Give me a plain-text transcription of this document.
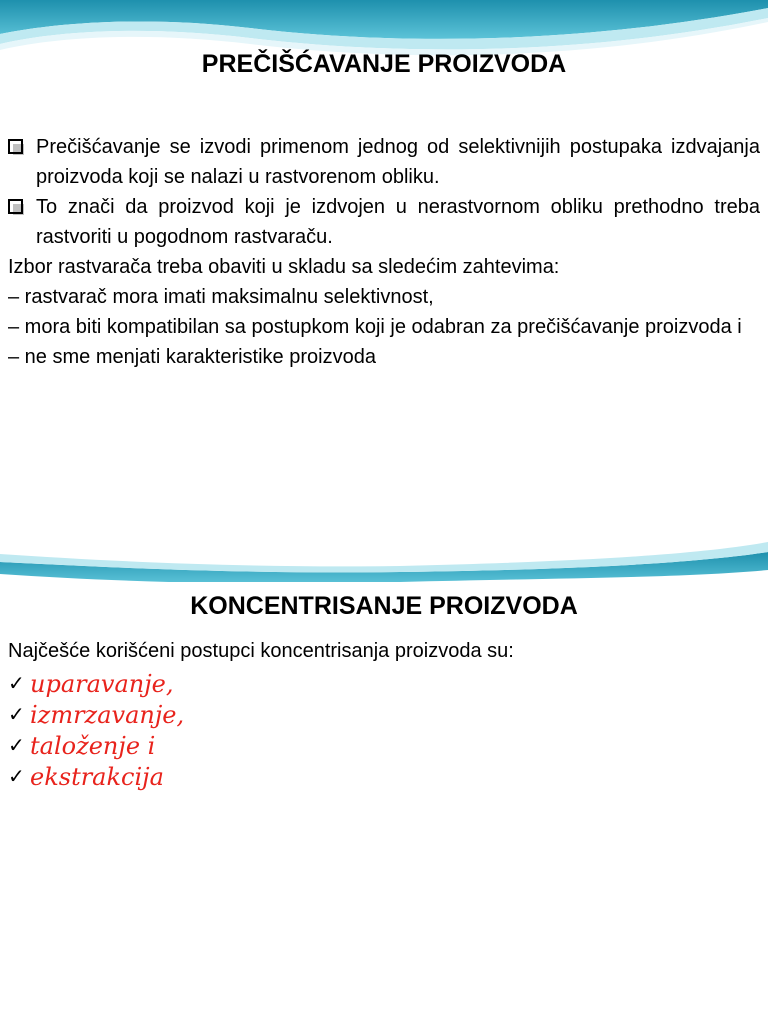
PREČIŠĆAVANJE PROIZVODA
Prečišćavanje se izvodi primenom jednog od selektivnijih postupaka izdvajanja proizvoda koji se nalazi u rastvorenom obliku.
To znači da proizvod koji je izdvojen u nerastvornom obliku prethodno treba rastvoriti u pogodnom rastvaraču.
Izbor rastvarača treba obaviti u skladu sa sledećim zahtevima:
– rastvarač mora imati maksimalnu selektivnost,
– mora biti kompatibilan sa postupkom koji je odabran za prečišćavanje proizvoda i
– ne sme menjati karakteristike proizvoda
KONCENTRISANJE PROIZVODA
Najčešće korišćeni postupci koncentrisanja proizvoda su:
✓ uparavanje,
✓ izmrzavanje,
✓ taloženje i
✓ ekstrakcija
